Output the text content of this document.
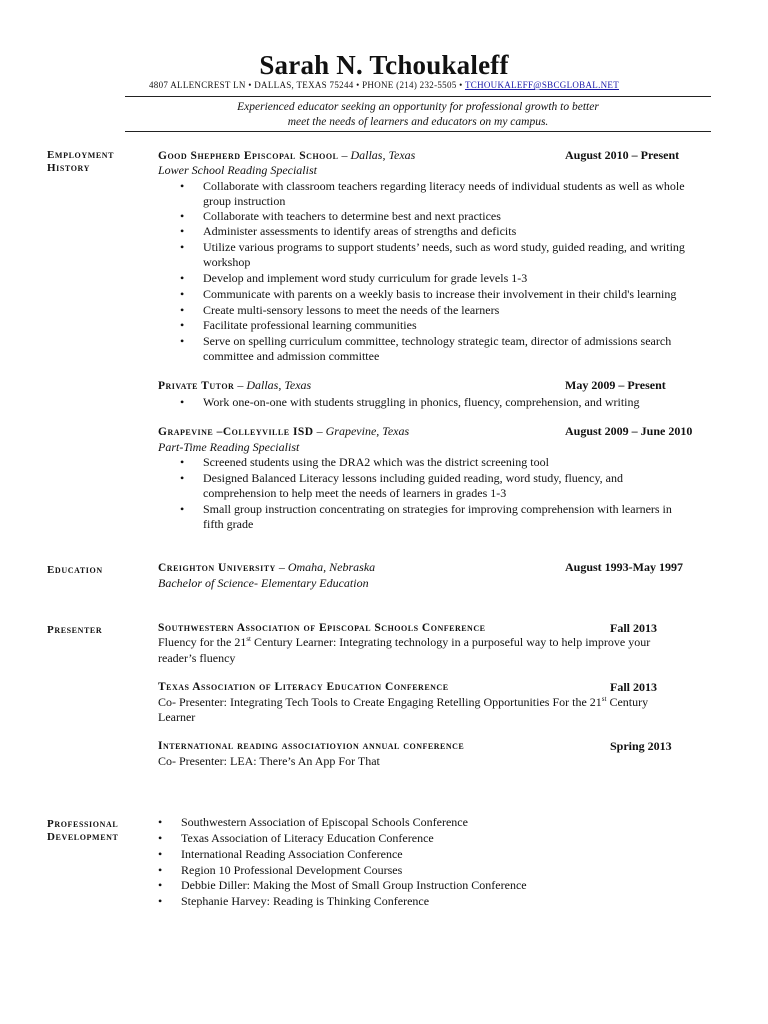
Sarah N. Tchoukaleff
4807 ALLENCREST LN • DALLAS, TEXAS 75244 • PHONE (214) 232-5505 • TCHOUKALEFF@SBCGLOBAL.NET
Experienced educator seeking an opportunity for professional growth to better
meet the needs of learners and educators on my campus.
Employment
History
Education
Presenter
Professional
Development
Good Shepherd Episcopal School – Dallas, Texas	August 2010 – Present
Lower School Reading Specialist
• Collaborate with classroom teachers regarding literacy needs of individual students as well as whole
group instruction
• Collaborate with teachers to determine best and next practices
• Administer assessments to identify areas of strengths and deficits
• Utilize various programs to support students’ needs, such as word study, guided reading, and writing
workshop
• Develop and implement word study curriculum for grade levels 1-3
• Communicate with parents on a weekly basis to increase their involvement in their child's learning
• Create multi-sensory lessons to meet the needs of the learners
• Facilitate professional learning communities
• Serve on spelling curriculum committee, technology strategic team, director of admissions search
committee and admission committee
Private Tutor – Dallas, Texas	May 2009 – Present
• Work one-on-one with students struggling in phonics, fluency, comprehension, and writing
Grapevine –Colleyville ISD – Grapevine, Texas	August 2009 – June 2010
Part-Time Reading Specialist
• Screened students using the DRA2 which was the district screening tool
• Designed Balanced Literacy lessons including guided reading, word study, fluency, and
comprehension to help meet the needs of learners in grades 1-3
• Small group instruction concentrating on strategies for improving comprehension with learners in
fifth grade
Creighton University – Omaha, Nebraska	August 1993-May 1997
Bachelor of Science- Elementary Education
Southwestern Association of Episcopal Schools Conference	Fall 2013
Fluency for the 21st Century Learner: Integrating technology in a purposeful way to help improve your
reader’s fluency
Texas Association of Literacy Education Conference	Fall 2013
Co- Presenter: Integrating Tech Tools to Create Engaging Retelling Opportunities For the 21st Century
Learner
International reading associatioyion annual conference	Spring 2013
Co- Presenter: LEA: There’s An App For That
• Southwestern Association of Episcopal Schools Conference
• Texas Association of Literacy Education Conference
• International Reading Association Conference
• Region 10 Professional Development Courses
• Debbie Diller: Making the Most of Small Group Instruction Conference
• Stephanie Harvey: Reading is Thinking Conference
